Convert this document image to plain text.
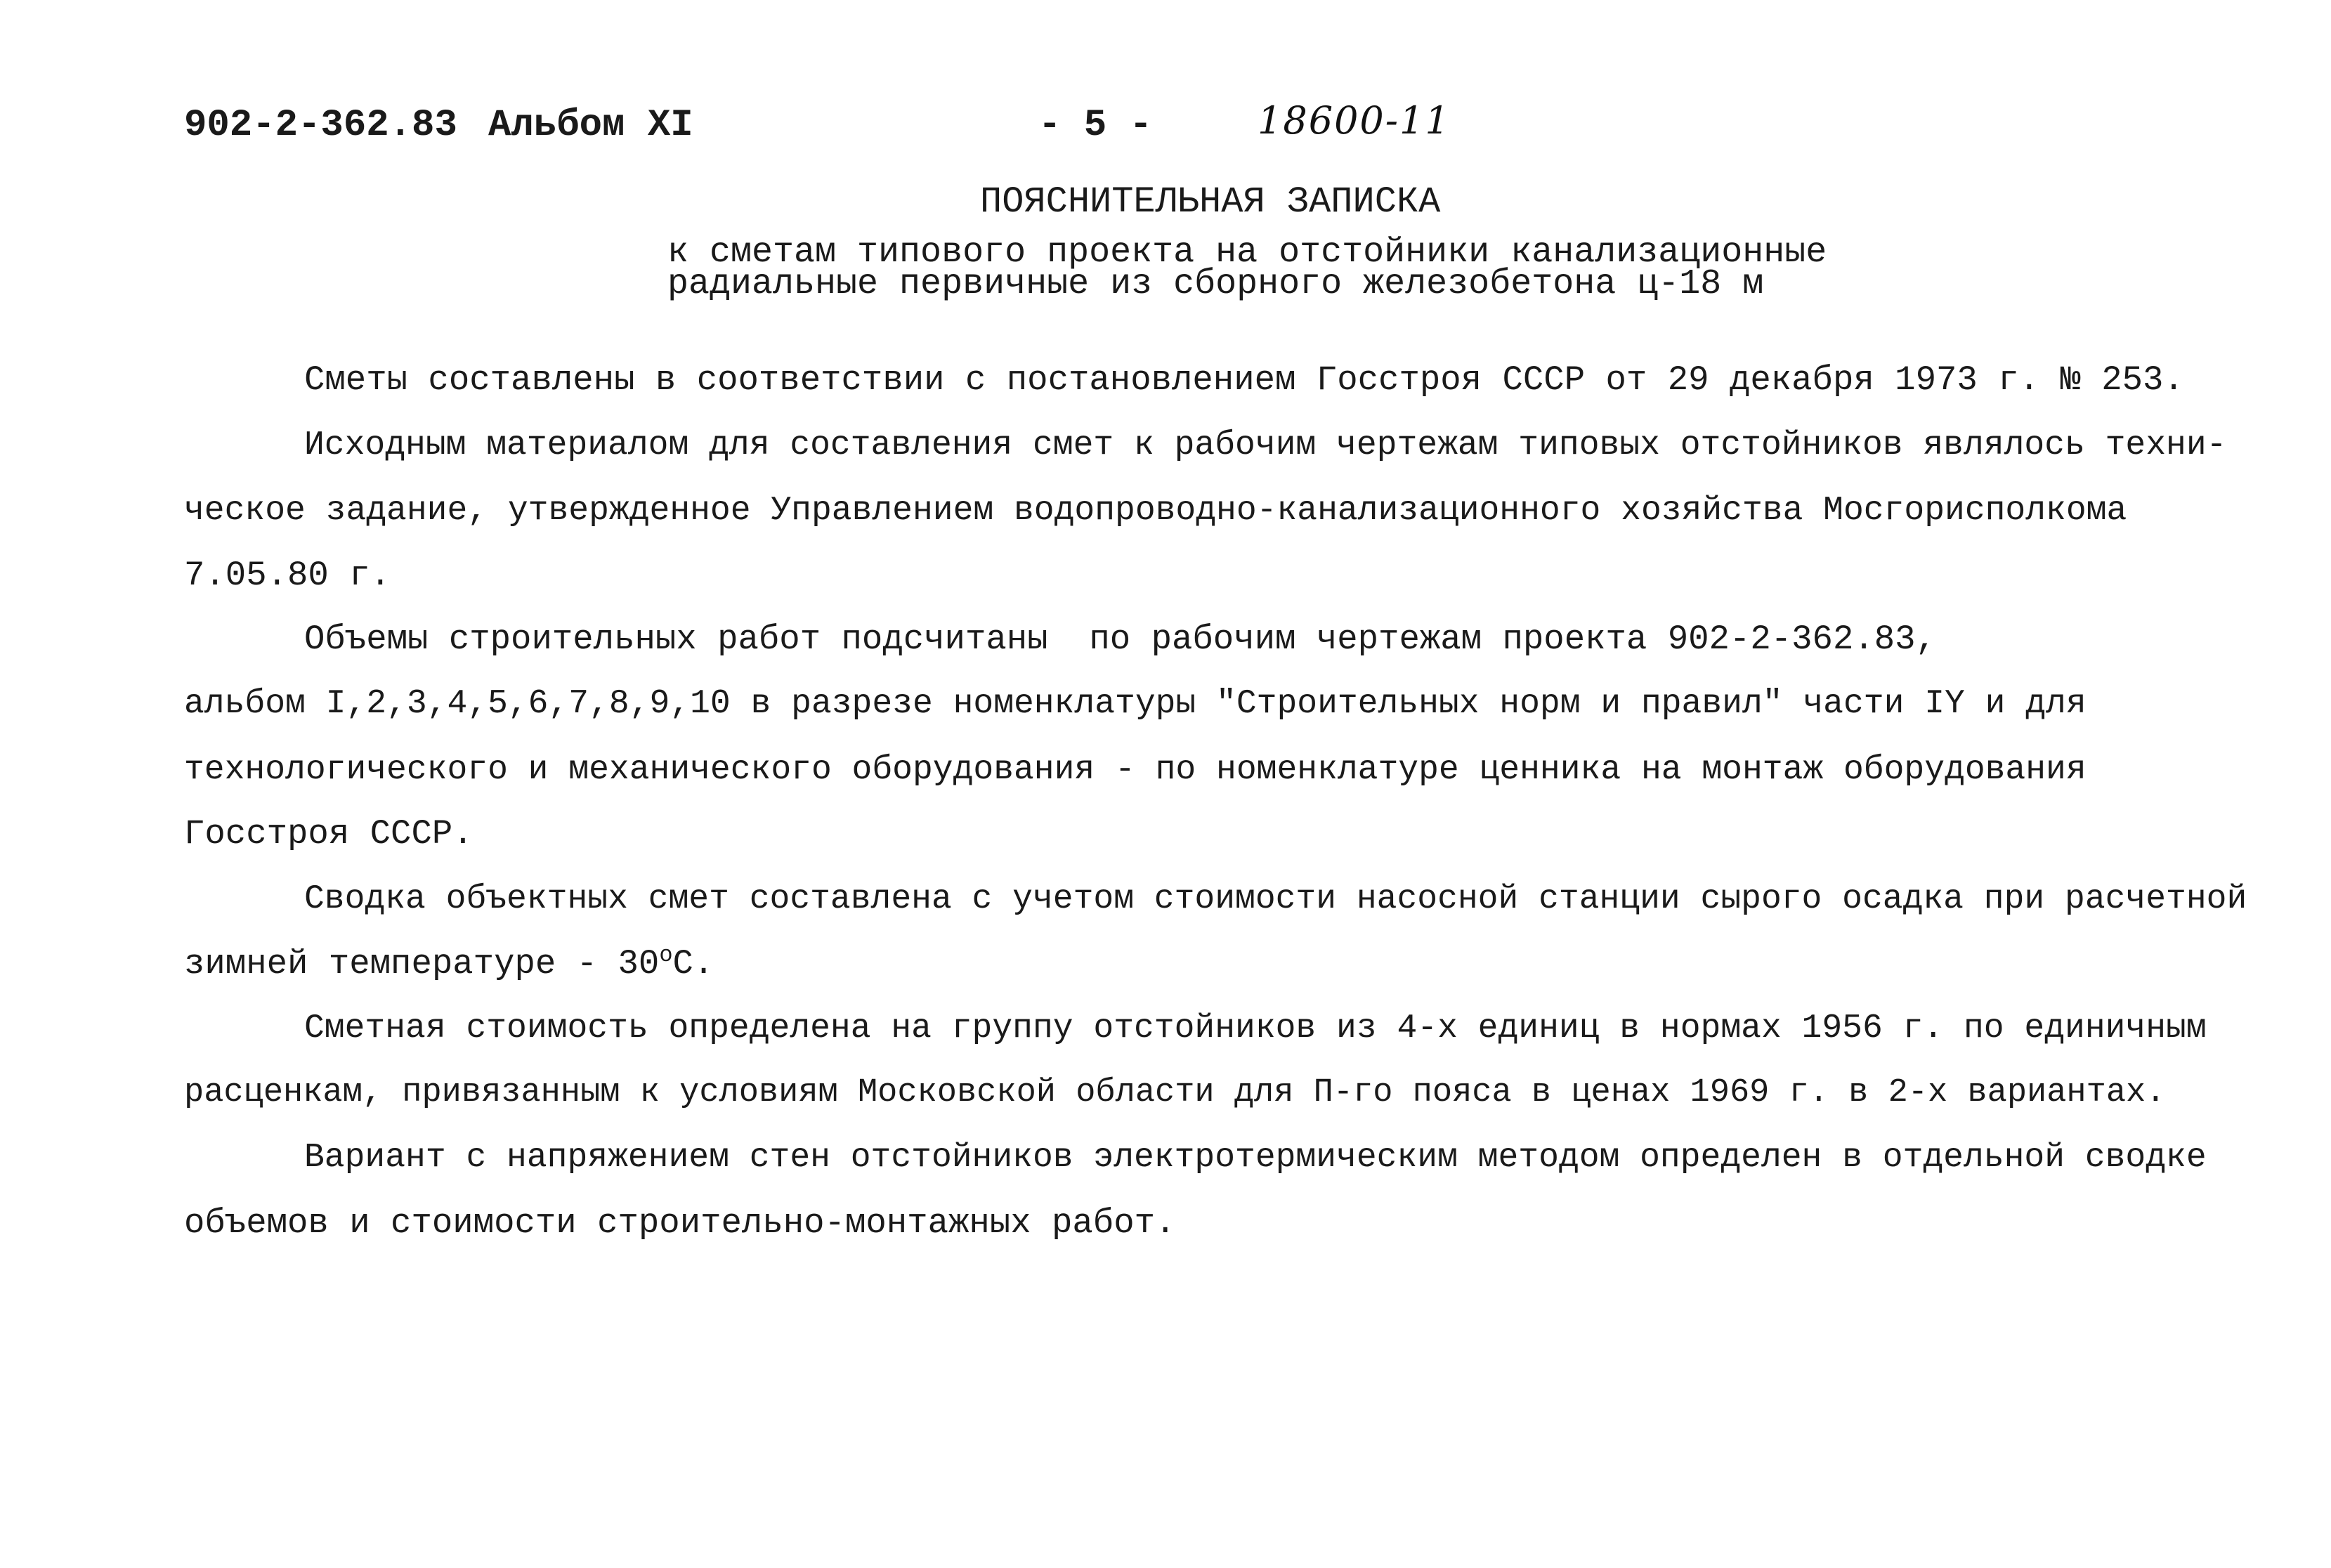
902-2-362.83 Альбом XI	- 5 -	18600-11
ПОЯСНИТЕЛЬНАЯ ЗАПИСКА
к сметам типового проекта на отстойники канализационные
радиальные первичные из сборного железобетона ц-18 м
Сметы составлены в соответствии с постановлением Госстроя СССР от 29 декабря 1973 г. № 253.
Исходным материалом для составления смет к рабочим чертежам типовых отстойников являлось техни-
ческое задание, утвержденное Управлением водопроводно-канализационного хозяйства Мосгорисполкома
7.05.80 г.
Объемы строительных работ подсчитаны  по рабочим чертежам проекта 902-2-362.83,
альбом I,2,3,4,5,6,7,8,9,10 в разрезе номенклатуры "Строительных норм и правил" части IY и для
технологического и механического оборудования - по номенклатуре ценника на монтаж оборудования
Госстроя СССР.
Сводка объектных смет составлена с учетом стоимости насосной станции сырого осадка при расчетной
зимней температуре - 30$^o$С.
Сметная стоимость определена на группу отстойников из 4-х единиц в нормах 1956 г. по единичным
расценкам, привязанным к условиям Московской области для П-го пояса в ценах 1969 г. в 2-х вариантах.
Вариант с напряжением стен отстойников электротермическим методом определен в отдельной сводке
объемов и стоимости строительно-монтажных работ.
